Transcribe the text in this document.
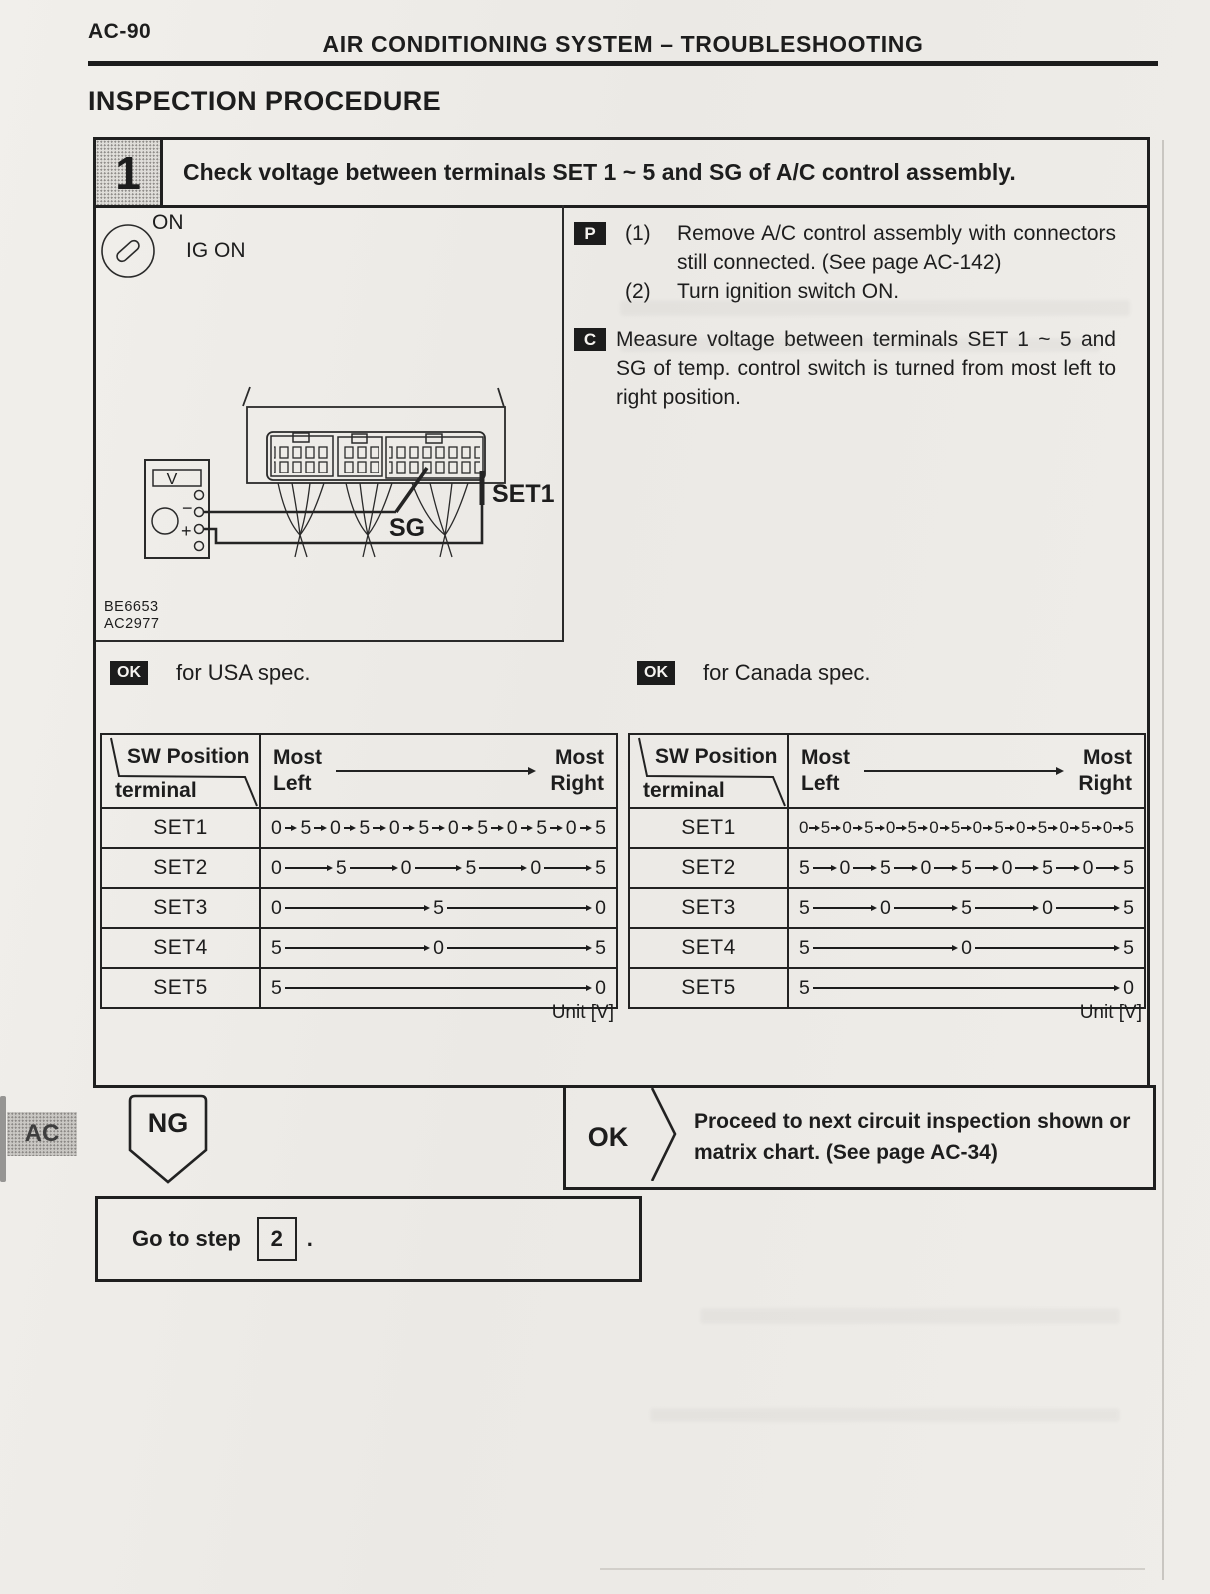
AC-90	AIR CONDITIONING SYSTEM – TROUBLESHOOTING
INSPECTION PROCEDURE
1	Check voltage between terminals SET 1 ~ 5 and SG of A/C control assembly.
ON
IG ON
V
−
+	SG
SET1
BE6653
AC2977
P	(1)	Remove A/C control assembly with connectors still connected. (See page AC-142)
(2)	Turn ignition switch ON.
C Measure voltage between terminals SET 1 ~ 5 and SG of temp. control switch is turned from most left to right position.
OK	for USA spec.	OK	for Canada spec.
SW Position
terminal
Most
Left
Most
Right
SET1	0 5 0 5 0 5 0 5 0 5 0 5
SET2	0	5	0	5	0	5
SET3	0	5	0
SET4	5	0	5
SET5	5	0
Unit [V]
SW Position
terminal
Most
Left
Most
Right
SET1	0 5 0 5 0 5 0 5 0 5 0 5 0 5 0 5
SET2	5 0 5 0 5 0 5 0 5
SET3	5	0	5	0	5
SET4	5	0	5
SET5	5	0
Unit [V]
NG	OK
Proceed to next circuit inspection shown or matrix chart. (See page AC-34)
Go to step	2	.
AC
